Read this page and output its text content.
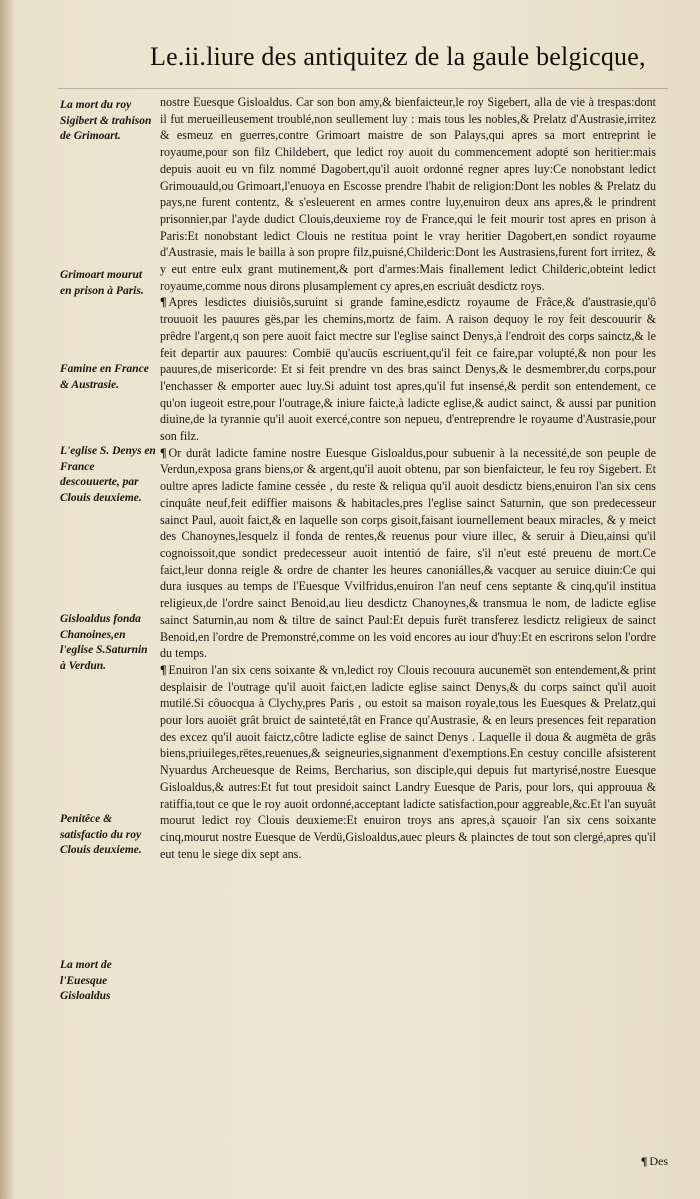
Le.ii.liure des antiquitez de la gaule belgicque,
La mort du roy Sigibert & trahison de Grimoart.
Grimoart mourut en prison à Paris.
Famine en France & Austrasie.
L'eglise S. Denys en France descouuerte, par Clouis deuxieme.
Gisloaldus fonda Chanoines,en l'eglise S.Saturnin à Verdun.
Penitêce & satisfactio du roy Clouis deuxieme.
La mort de l'Euesque Gisloaldus

nostre Euesque Gisloaldus. Car son bon amy,& bienfaicteur,le roy Sigebert, alla de vie à trespas:dont il fut merueilleusement troublé,non seullement luy : mais tous les nobles,& Prelatz d'Austrasie,irritez & esmeuz en guerres,contre Grimoart maistre de son Palays,qui apres sa mort entreprint le royaume,pour son filz Childebert, que ledict roy auoit du commencement adopté son heritier:mais depuis auoit eu vn filz nommé Dagobert,qu'il auoit ordonné regner apres luy:Ce nonobstant ledict Grimouauld,ou Grimoart,l'enuoya en Escosse prendre l'habit de religion:Dont les nobles & Prelatz du pays,ne furent contentz, & s'esleuerent en armes contre luy,enuiron deux ans apres,& le prindrent prisonnier,par l'ayde dudict Clouis,deuxieme roy de France,qui le feit mourir tost apres en prison à Paris:Et nonobstant ledict Clouis ne restitua point le vray heritier Dagobert,en sondict royaume d'Austrasie, mais le bailla à son propre filz,puisné,Childeric:Dont les Austrasiens,furent fort irritez, & y eut entre eulx grant mutinement,& port d'armes:Mais finallement ledict Childeric,obteint ledict royaume,comme nous dirons plusamplement cy apres,en escriuât desdictz roys.

¶ Apres lesdictes diuisiôs,suruint si grande famine,esdictz royaume de Frâce,& d'austrasie,qu'ô trouuoit les pauures gës,par les chemins,mortz de faim. A raison dequoy le roy feit descouurir & prêdre l'argent,q son pere auoit faict mectre sur l'eglise sainct Denys,à l'endroit des corps sainctz,& le feit departir aux pauures: Combië qu'aucüs escriuent,qu'il feit ce faire,par volupté,& non pour les pauures,de misericorde: Et si feit prendre vn des bras sainct Denys,& le desmembrer,du corps,pour l'enchasser & emporter auec luy.Si aduint tost apres,qu'il fut insensé,& perdit son entendement, ce qu'on iugeoit estre,pour l'outrage,& iniure faicte,à ladicte eglise,& audict sainct, & aussi par punition diuine,de la tyrannie qu'il auoit exercé,contre son nepueu, d'entreprendre le royaume d'Austrasie,pour son filz.

¶ Or durât ladicte famine nostre Euesque Gisloaldus,pour subuenir à la necessité,de son peuple de Verdun,exposa grans biens,or & argent,qu'il auoit obtenu, par son bienfaicteur, le feu roy Sigebert. Et oultre apres ladicte famine cessée , du reste & reliqua qu'il auoit desdictz biens,enuiron l'an six cens cinquâte neuf,feit ediffier maisons & habitacles,pres l'eglise sainct Saturnin, que son predecesseur sainct Paul, auoit faict,& en laquelle son corps gisoit,faisant iournellement beaux miracles, & y meict des Chanoynes,lesquelz il fonda de rentes,& reuenus pour viure illec, & seruir à Dieu,ainsi qu'il cognoissoit,que sondict predecesseur auoit intentió de faire, s'il n'eut esté preuenu de mort.Ce faict,leur donna reigle & ordre de chanter les heures canoniálles,& vacquer au seruice diuin:Ce qui dura iusques au temps de l'Euesque Vvilfridus,enuiron l'an neuf cens septante & cinq,qu'il institua religieux,de l'ordre sainct Benoid,au lieu desdictz Chanoynes,& transmua le nom, de ladicte eglise sainct Saturnin,au nom & tiltre de sainct Paul:Et depuis furët transferez lesdictz religieux de sainct Benoid,en l'ordre de Premonstré,comme on les void encores au iour d'huy:Et en escrirons selon l'ordre du temps.

¶ Enuiron l'an six cens soixante & vn,ledict roy Clouis recouura aucunemët son entendement,& print desplaisir de l'outrage qu'il auoit faict,en ladicte eglise sainct Denys,& du corps sainct qu'il auoit mutilé.Si côuocqua à Clychy,pres Paris , ou estoit sa maison royale,tous les Euesques & Prelatz,qui pour lors auoiët grât bruict de sainteté,tât en France qu'Austrasie, & en leurs presences feit reparation des excez qu'il auoit faictz,côtre ladicte eglise de sainct Denys . Laquelle il doua & augmëta de grâs biens,priuileges,rëtes,reuenues,& seigneuries,signanment d'exemptions.En cestuy concille afsisterent Nyuardus Archeuesque de Reims, Bercharius, son disciple,qui depuis fut martyrisé,nostre Euesque Gisloaldus,& autres:Et fut tout presidoit sainct Landry Euesque de Paris, pour lors, qui approuua & ratiffia,tout ce que le roy auoit ordonné,acceptant ladicte satisfaction,pour aggreable,&c.Et l'an suyuât mourut ledict roy Clouis deuxieme:Et enuiron troys ans apres,à sçauoir l'an six cens soixante cinq,mourut nostre Euesque de Verdü,Gisloaldus,auec pleurs & plainctes de tout son clergé,apres qu'il eut tenu le siege dix sept ans.

¶ Des
